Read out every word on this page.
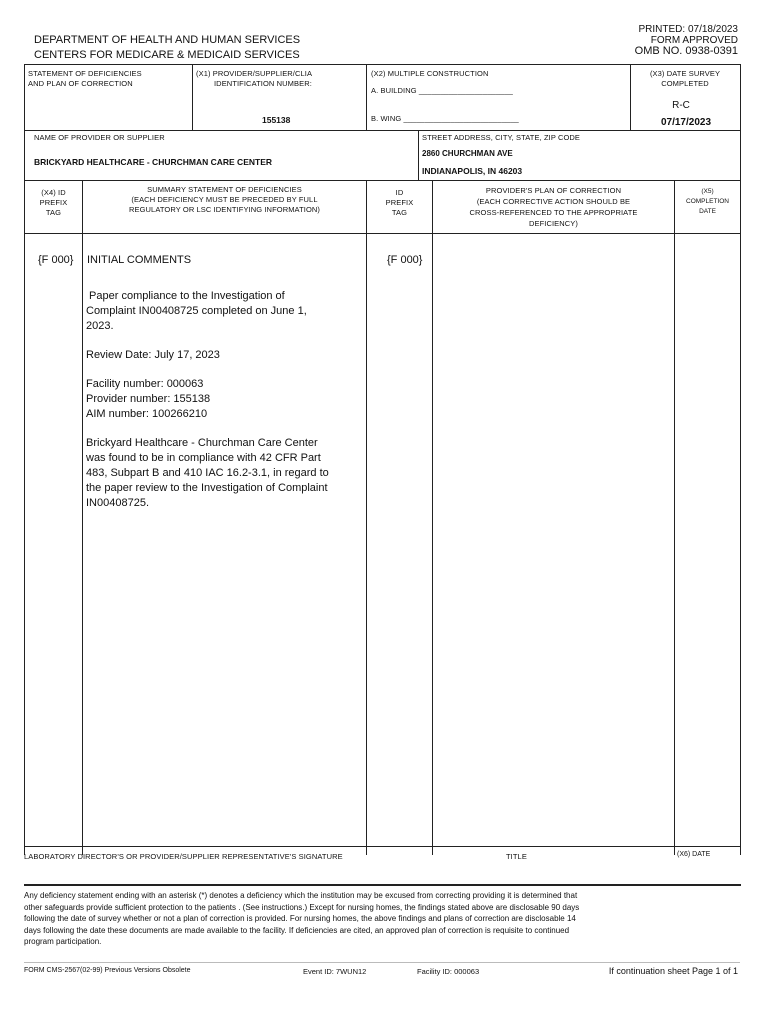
PRINTED: 07/18/2023
FORM APPROVED
OMB NO. 0938-0391
DEPARTMENT OF HEALTH AND HUMAN SERVICES
CENTERS FOR MEDICARE & MEDICAID SERVICES
STATEMENT OF DEFICIENCIES
AND PLAN OF CORRECTION
(X1) PROVIDER/SUPPLIER/CLIA
IDENTIFICATION NUMBER:
155138
(X2) MULTIPLE CONSTRUCTION
A. BUILDING ______________________
B. WING ___________________________
(X3) DATE SURVEY
COMPLETED
R-C
07/17/2023
NAME OF PROVIDER OR SUPPLIER
BRICKYARD HEALTHCARE - CHURCHMAN CARE CENTER
STREET ADDRESS, CITY, STATE, ZIP CODE
2860 CHURCHMAN AVE
INDIANAPOLIS, IN 46203
(X4) ID
PREFIX
TAG
SUMMARY STATEMENT OF DEFICIENCIES
(EACH DEFICIENCY MUST BE PRECEDED BY FULL
REGULATORY OR LSC IDENTIFYING INFORMATION)
ID
PREFIX
TAG
PROVIDER'S PLAN OF CORRECTION
(EACH CORRECTIVE ACTION SHOULD BE
CROSS-REFERENCED TO THE APPROPRIATE
DEFICIENCY)
(X5)
COMPLETION
DATE
{F 000}	{F 000}
INITIAL COMMENTS
Paper compliance to the Investigation of
Complaint IN00408725 completed on June 1,
2023.
Review Date: July 17, 2023
Facility number: 000063
Provider number: 155138
AIM number: 100266210
Brickyard Healthcare - Churchman Care Center
was found to be in compliance with 42 CFR Part
483, Subpart B and 410 IAC 16.2-3.1, in regard to
the paper review to the Investigation of Complaint
IN00408725.
LABORATORY DIRECTOR'S OR PROVIDER/SUPPLIER REPRESENTATIVE'S SIGNATURE	TITLE	(X6) DATE
Any deficiency statement ending with an asterisk (*) denotes a deficiency which the institution may be excused from correcting providing it is determined that
other safeguards provide sufficient protection to the patients . (See instructions.) Except for nursing homes, the findings stated above are disclosable 90 days
following the date of survey whether or not a plan of correction is provided. For nursing homes, the above findings and plans of correction are disclosable 14
days following the date these documents are made available to the facility. If deficiencies are cited, an approved plan of correction is requisite to continued
program participation.
FORM CMS-2567(02-99) Previous Versions Obsolete	Event ID: 7WUN12	Facility ID: 000063	If continuation sheet Page 1 of 1
